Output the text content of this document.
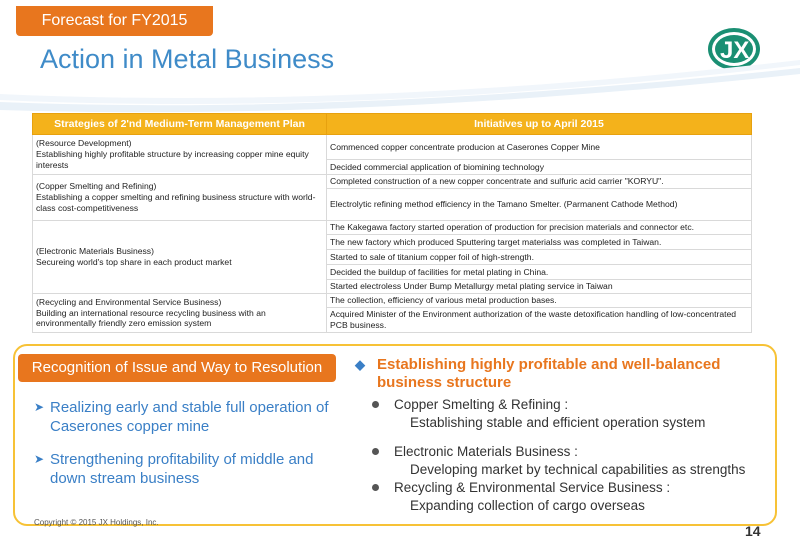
Forecast for FY2015
Action in Metal Business	JX
Strategies of 2'nd Medium-Term Management Plan	Initiatives up to April 2015

(Resource Development)
Establishing highly profitable structure by increasing copper mine equity interests	Commenced copper concentrate producion at Caserones Copper Mine
	Decided commercial application of biomining technology

(Copper Smelting and Refining)
Establishing a copper smelting and refining business structure with world-class cost-competitiveness	Completed construction of a new copper concentrate and sulfuric acid carrier "KORYU".
	Electrolytic refining method efficiency in the Tamano Smelter. (Parmanent Cathode Method)

(Electronic Materials Business)
Secureing world's top share in each product market	The Kakegawa factory started operation of production for precision materials and connector etc.
	The new factory which produced Sputtering target materialss was completed in Taiwan.
	Started to sale of titanium copper foil of high-strength.
	Decided the buildup of facilities for metal plating in China.
	Started electroless Under Bump Metallurgy metal plating service in Taiwan

(Recycling and Environmental Service Business)
Building an international resource recycling business with an environmentally friendly zero emission system	The collection, efficiency of various metal production bases.
	Acquired Minister of the Environment authorization of the waste detoxification handling of low-concentrated PCB business.
Recognition of Issue and Way to Resolution
➤ Realizing early and stable full operation of Caserones copper mine
➤ Strengthening profitability of middle and down stream business
◆ Establishing highly profitable and well-balanced business structure
Copper Smelting & Refining :
Establishing stable and efficient operation system
Electronic Materials Business :
Developing market by technical capabilities as strengths
Recycling & Environmental Service Business :
Expanding collection of cargo overseas
Copyright © 2015 JX Holdings, Inc.
14
